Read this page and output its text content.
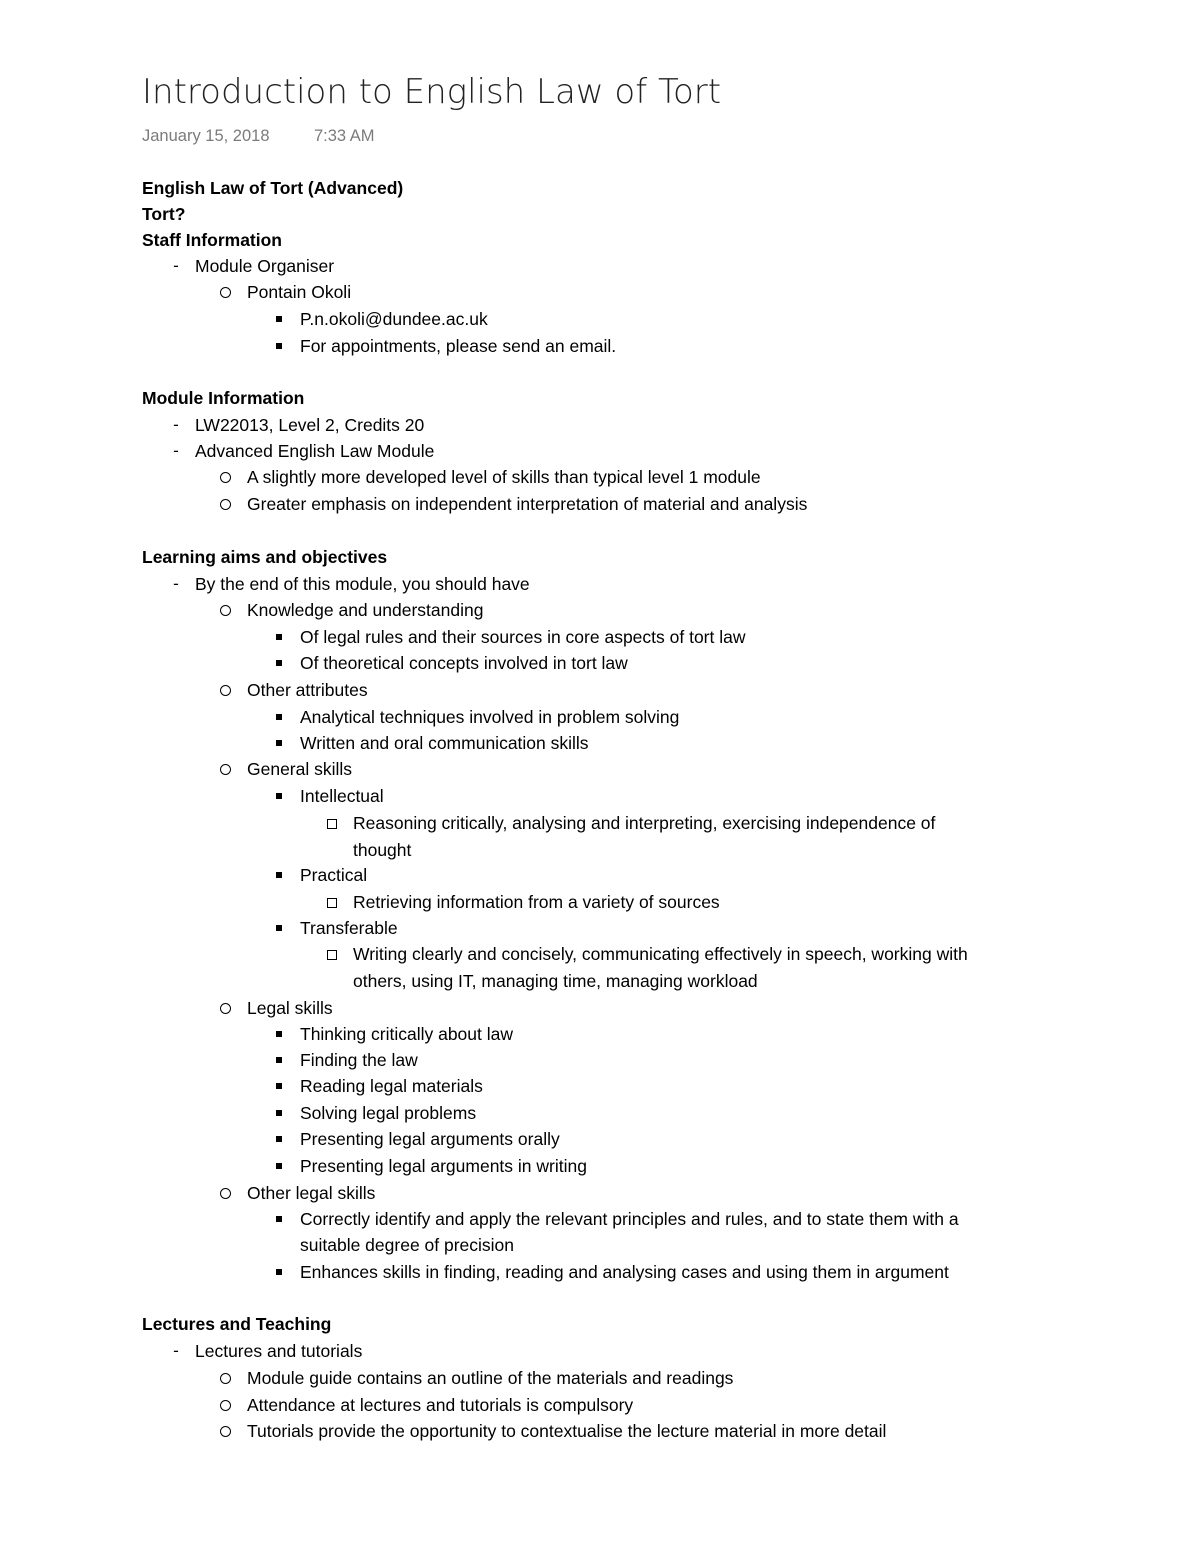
Introduction to English Law of Tort
January 15, 2018	7:33 AM
English Law of Tort (Advanced)
Tort?
Staff Information
Module Organiser
-
Pontain Okoli
P.n.okoli@dundee.ac.uk
For appointments, please send an email.
Module Information
LW22013, Level 2, Credits 20
-
Advanced English Law Module
-
A slightly more developed level of skills than typical level 1 module
Greater emphasis on independent interpretation of material and analysis
Learning aims and objectives
By the end of this module, you should have
-
Knowledge and understanding
Of legal rules and their sources in core aspects of tort law
Of theoretical concepts involved in tort law
Other attributes
Analytical techniques involved in problem solving
Written and oral communication skills
General skills
Intellectual
Reasoning critically, analysing and interpreting, exercising independence of
thought
Practical
Retrieving information from a variety of sources
Transferable
Writing clearly and concisely, communicating effectively in speech, working with
others, using IT, managing time, managing workload
Legal skills
Thinking critically about law
Finding the law
Reading legal materials
Solving legal problems
Presenting legal arguments orally
Presenting legal arguments in writing
Other legal skills
Correctly identify and apply the relevant principles and rules, and to state them with a
suitable degree of precision
Enhances skills in finding, reading and analysing cases and using them in argument
Lectures and Teaching
Lectures and tutorials
-
Module guide contains an outline of the materials and readings
Attendance at lectures and tutorials is compulsory
Tutorials provide the opportunity to contextualise the lecture material in more detail
